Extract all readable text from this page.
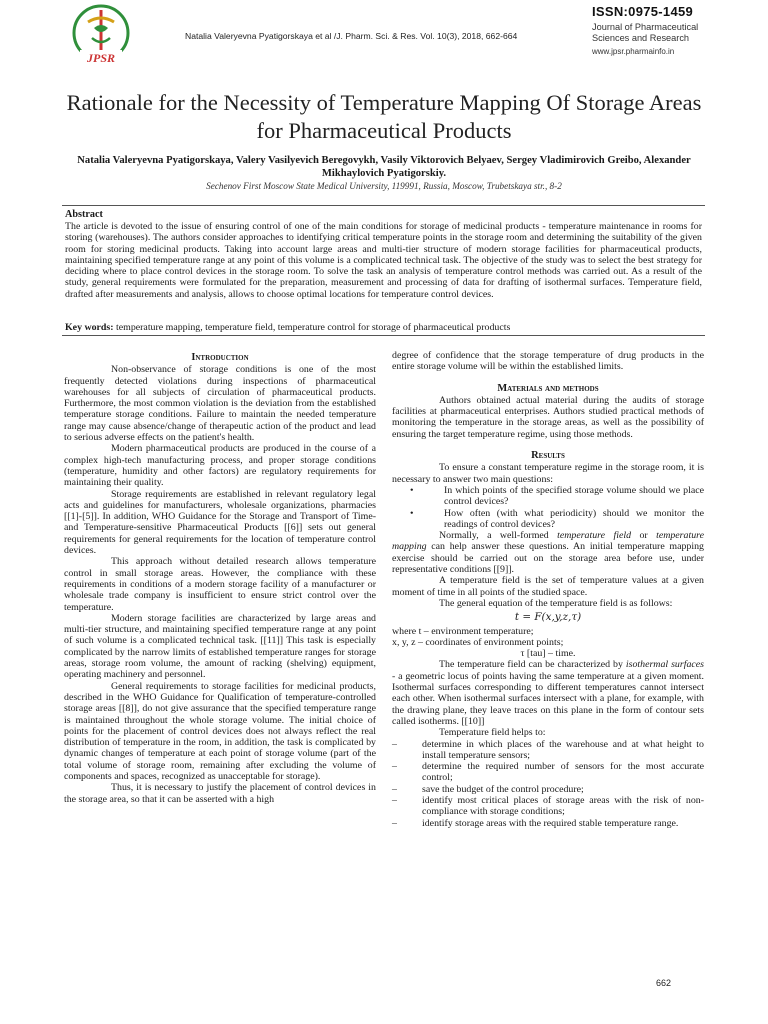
JPSR
Natalia Valeryevna Pyatigorskaya et al /J. Pharm. Sci. & Res. Vol. 10(3), 2018, 662-664
ISSN:0975-1459
Journal of Pharmaceutical
Sciences and Research
www.jpsr.pharmainfo.in
Rationale for the Necessity of Temperature Mapping Of Storage Areas for Pharmaceutical Products
Natalia Valeryevna Pyatigorskaya, Valery Vasilyevich Beregovykh, Vasily Viktorovich Belyaev, Sergey Vladimirovich Greibo, Alexander Mikhaylovich Pyatigorskiy.
Sechenov First Moscow State Medical University, 119991, Russia, Moscow, Trubetskaya str., 8-2
Abstract
The article is devoted to the issue of ensuring control of one of the main conditions for storage of medicinal products - temperature maintenance in rooms for storing (warehouses). The authors consider approaches to identifying critical temperature points in the storage room and determining the suitability of the given room for storing medicinal products. Taking into account large areas and multi-tier structure of modern storage facilities for pharmaceutical products, maintaining specified temperature range at any point of this volume is a complicated technical task. The objective of the study was to select the best strategy for deciding where to place control devices in the storage room. To solve the task an analysis of temperature control methods was carried out. As a result of the study, general requirements were formulated for the preparation, measurement and processing of data for drafting of isothermal surfaces. Temperature field, drafted after measurements and analysis, allows to choose optimal locations for temperature control devices.
Key words: temperature mapping, temperature field, temperature control for storage of pharmaceutical products
Introduction

Non-observance of storage conditions is one of the most frequently detected violations during inspections of pharmaceutical warehouses for all subjects of circulation of pharmaceutical products. Furthermore, the most common violation is the deviation from the established temperature storage conditions. Failure to maintain the needed temperature range may cause absence/change of therapeutic action of the product and lead to serious adverse effects on the patient's health.

Modern pharmaceutical products are produced in the course of a complex high-tech manufacturing process, and proper storage conditions (temperature, humidity and other factors) are regulatory requirements for maintaining their quality.

Storage requirements are established in relevant regulatory legal acts and guidelines for manufacturers, wholesale organizations, pharmacies [[1]-[5]]. In addition, WHO Guidance for the Storage and Transport of Time- and Temperature-sensitive Pharmaceutical Products [[6]] sets out general requirements for general requirements for the location of temperature control devices.

This approach without detailed research allows temperature control in small storage areas. However, the compliance with these requirements in conditions of a modern storage facility of a manufacturer or wholesale trade company is insufficient to ensure strict control over the temperature.

Modern storage facilities are characterized by large areas and multi-tier structure, and maintaining specified temperature range at any point of such volume is a complicated technical task. [[11]] This task is especially complicated by the narrow limits of established temperature ranges for storage areas, storage room volume, the amount of racking (shelving) equipment, operating machinery and personnel.

General requirements to storage facilities for medicinal products, described in the WHO Guidance for Qualification of temperature-controlled storage areas [[8]], do not give assurance that the specified temperature range is maintained throughout the whole storage volume. The initial choice of points for the placement of control devices does not always reflect the real distribution of temperature in the room, in addition, the task is complicated by dynamic changes of temperature at each point of storage volume (part of the total volume of storage room, remaining after excluding the volume of components and spaces, recognized as unacceptable for storage).

Thus, it is necessary to justify the placement of control devices in the storage area, so that it can be asserted with a high

degree of confidence that the storage temperature of drug products in the entire storage volume will be within the established limits.

Materials and methods

Authors obtained actual material during the audits of storage facilities at pharmaceutical enterprises. Authors studied practical methods of monitoring the temperature in the storage areas, as well as the possibility of ensuring the target temperature regime, using those methods.

Results

To ensure a constant temperature regime in the storage room, it is necessary to answer two main questions:

•	In which points of the specified storage volume should we place control devices?
•	How often (with what periodicity) should we monitor the readings of control devices?

Normally, a well-formed temperature field or temperature mapping can help answer these questions. An initial temperature mapping exercise should be carried out on the storage area before use, under representative conditions [[9]].

A temperature field is the set of temperature values at a given moment of time in all points of the studied space.

The general equation of the temperature field is as follows:

t = F(x,y,z,τ)

where t – environment temperature;

x, y, z – coordinates of environment points;

τ [tau] – time.

The temperature field can be characterized by isothermal surfaces - a geometric locus of points having the same temperature at a given moment. Isothermal surfaces corresponding to different temperatures cannot intersect each other. When isothermal surfaces intersect with a plane, for example, with the drawing plane, they leave traces on this plane in the form of contour sets called isotherms. [[10]]

Temperature field helps to:

–	determine in which places of the warehouse and at what height to install temperature sensors;
–	determine the required number of sensors for the most accurate control;
–	save the budget of the control procedure;
–	identify most critical places of storage areas with the risk of non-compliance with storage conditions;
–	identify storage areas with the required stable temperature range.
662
